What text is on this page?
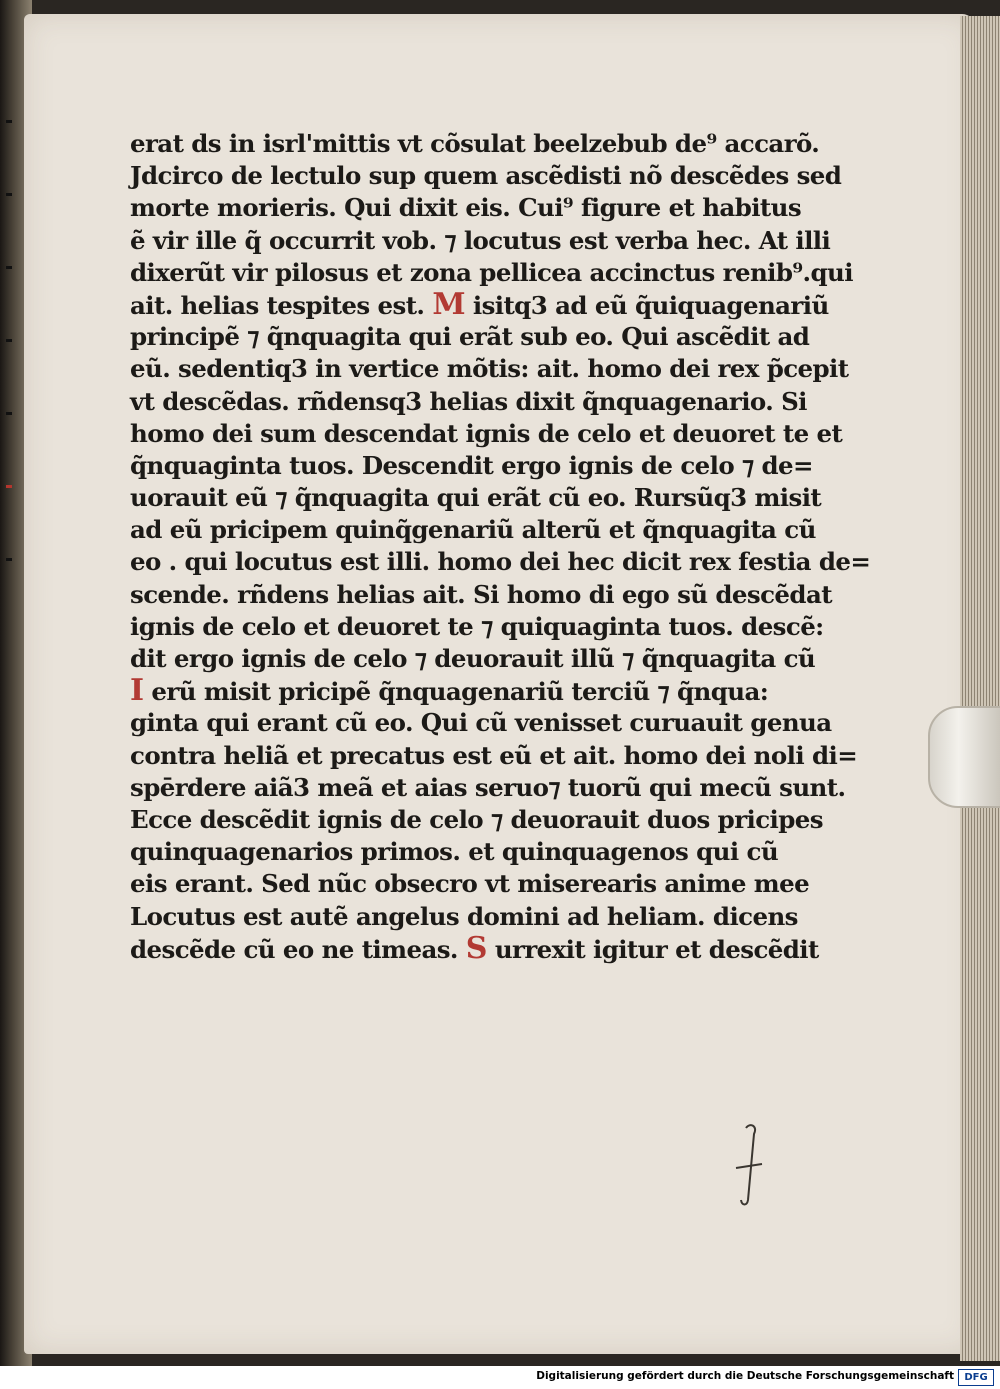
erat ds in isrl'mittis vt cõsulat beelzebub de⁹ accarõ.
Jdcirco de lectulo sup quem ascẽdisti nõ descẽdes sed
morte morieris. Qui dixit eis. Cui⁹ figure et habitus
ẽ vir ille q̃ occurrit vob. ⁊ locutus est verba hec. At illi
dixerũt vir pilosus et zona pellicea accinctus renib⁹.qui
ait. helias tespites est. M isitq3 ad eũ q̃uiquagenariũ
principẽ ⁊ q̃nquagita qui erãt sub eo. Qui ascẽdit ad
eũ. sedentiq3 in vertice mõtis: ait. homo dei rex p̃cepit
vt descẽdas. rñdensq3 helias dixit q̃nquagenario. Si
homo dei sum descendat ignis de celo et deuoret te et
q̃nquaginta tuos. Descendit ergo ignis de celo ⁊ de=
uorauit eũ ⁊ q̃nquagita qui erãt cũ eo. Rursũq3 misit
ad eũ pricipem quinq̃genariũ alterũ et q̃nquagita cũ
eo . qui locutus est illi. homo dei hec dicit rex festia de=
scende. rñdens helias ait. Si homo di ego sũ descẽdat
ignis de celo et deuoret te ⁊ quiquaginta tuos. descẽ:
dit ergo ignis de celo ⁊ deuorauit illũ ⁊ q̃nquagita cũ
I erũ misit pricipẽ q̃nquagenariũ terciũ ⁊ q̃nqua:
ginta qui erant cũ eo. Qui cũ venisset curuauit genua
contra heliã et precatus est eũ et ait. homo dei noli di=
spērdere aiã3 meã et aias seruo⁊ tuorũ qui mecũ sunt.
Ecce descẽdit ignis de celo ⁊ deuorauit duos pricipes
quinquagenarios primos. et quinquagenos qui cũ
eis erant. Sed nũc obsecro vt miserearis anime mee
Locutus est autẽ angelus domini ad heliam. dicens
descẽde cũ eo ne timeas. S urrexit igitur et descẽdit
Digitalisierung gefördert durch die Deutsche Forschungsgemeinschaft	DFG
